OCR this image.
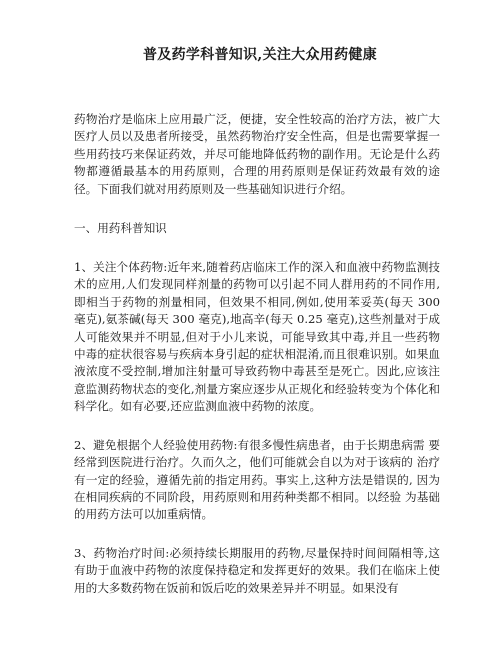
普及药学科普知识,关注大众用药健康

药物治疗是临床上应用最广泛，便捷，安全性较高的治疗方法，被广大医疗人员以及患者所接受，虽然药物治疗安全性高，但是也需要掌握一些用药技巧来保证药效，并尽可能地降低药物的副作用。无论是什么药物都遵循最基本的用药原则，合理的用药原则是保证药效最有效的途径。下面我们就对用药原则及一些基础知识进行介绍。

一、用药科普知识

1、关注个体药物:近年来,随着药店临床工作的深入和血液中药物监测技术的应用,人们发现同样剂量的药物可以引起不同人群用药的不同作用,即相当于药物的剂量相同，但效果不相同,例如,使用苯妥英(每天 300 毫克),氨茶碱(每天 300 毫克),地高辛(每天 0.25 毫克),这些剂量对于成人可能效果并不明显,但对于小儿来说，可能导致其中毒,并且一些药物中毒的症状很容易与疾病本身引起的症状相混淆,而且很难识别。如果血液浓度不受控制,增加注射量可导致药物中毒甚至是死亡。因此,应该注意监测药物状态的变化,剂量方案应逐步从正规化和经验转变为个体化和科学化。如有必要,还应监测血液中药物的浓度。

2、避免根据个人经验使用药物:有很多慢性病患者，由于长期患病需 要经常到医院进行治疗。久而久之，他们可能就会自以为对于该病的 治疗有一定的经验，遵循先前的指定用药。事实上,这种方法是错误的, 因为在相同疾病的不同阶段，用药原则和用药种类都不相同。以经验 为基础的用药方法可以加重病情。

3、药物治疗时间:必须持续长期服用的药物,尽量保持时间间隔相等,这有助于血液中药物的浓度保持稳定和发挥更好的效果。我们在临床上使用的大多数药物在饭前和饭后吃的效果差异并不明显。如果没有
